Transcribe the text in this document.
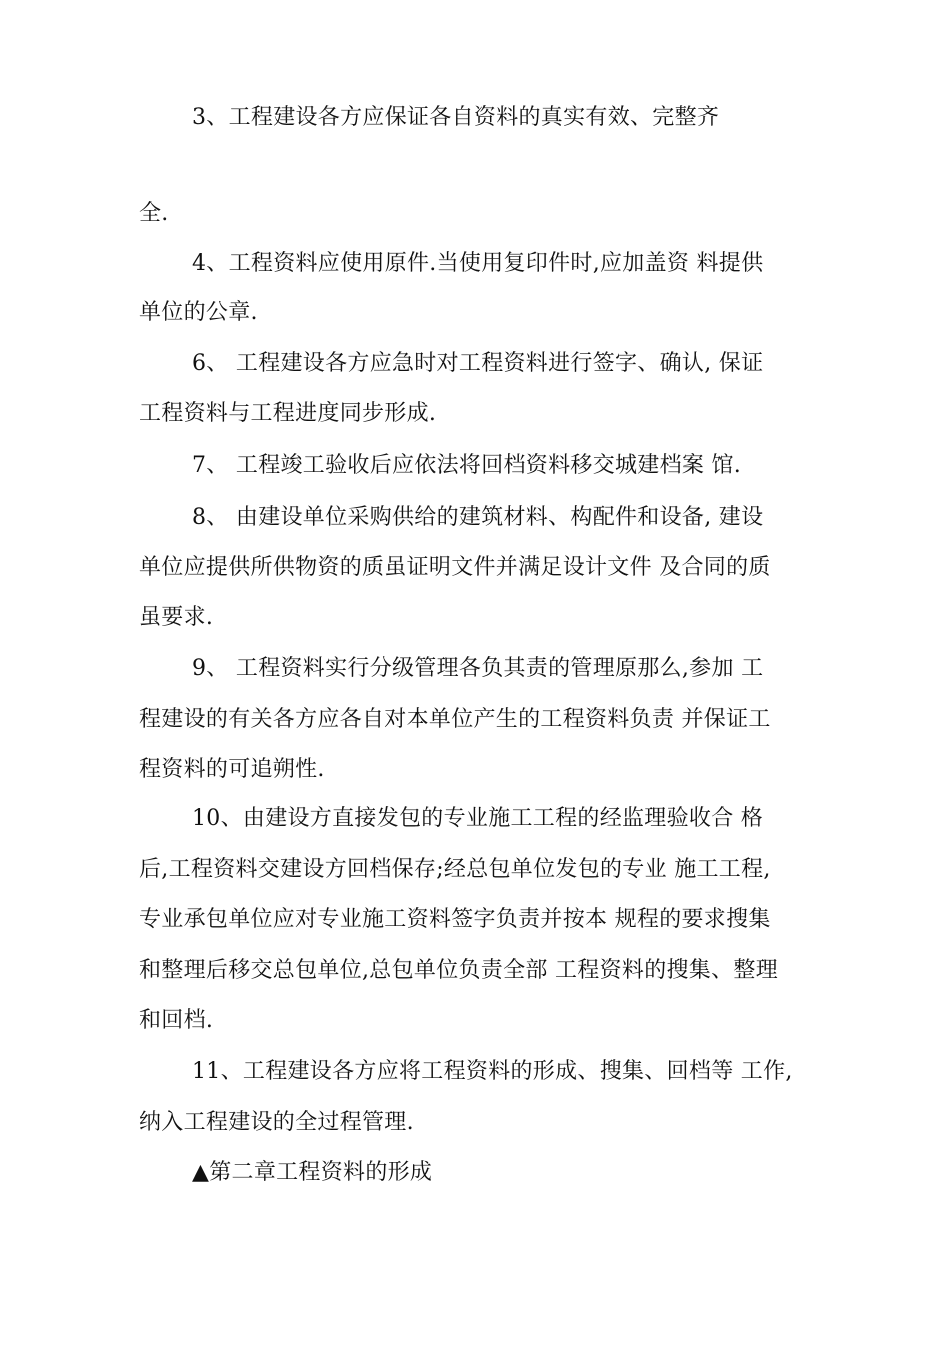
3、工程建设各方应保证各自资料的真实有效、完整齐
全.
4、工程资料应使用原件.当使用复印件时,应加盖资 料提供
单位的公章.
6、 工程建设各方应急时对工程资料进行签字、确认, 保证
工程资料与工程进度同步形成.
7、 工程竣工验收后应依法将回档资料移交城建档案 馆.
8、 由建设单位采购供给的建筑材料、构配件和设备, 建设
单位应提供所供物资的质虽证明文件并满足设计文件 及合同的质
虽要求.
9、 工程资料实行分级管理各负其责的管理原那么,参加 工
程建设的有关各方应各自对本单位产生的工程资料负责 并保证工
程资料的可追朔性.
10、由建设方直接发包的专业施工工程的经监理验收合 格
后,工程资料交建设方回档保存;经总包单位发包的专业 施工工程,
专业承包单位应对专业施工资料签字负责并按本 规程的要求搜集
和整理后移交总包单位,总包单位负责全部 工程资料的搜集、整理
和回档.
11、工程建设各方应将工程资料的形成、搜集、回档等 工作,
纳入工程建设的全过程管理.
▲第二章工程资料的形成
